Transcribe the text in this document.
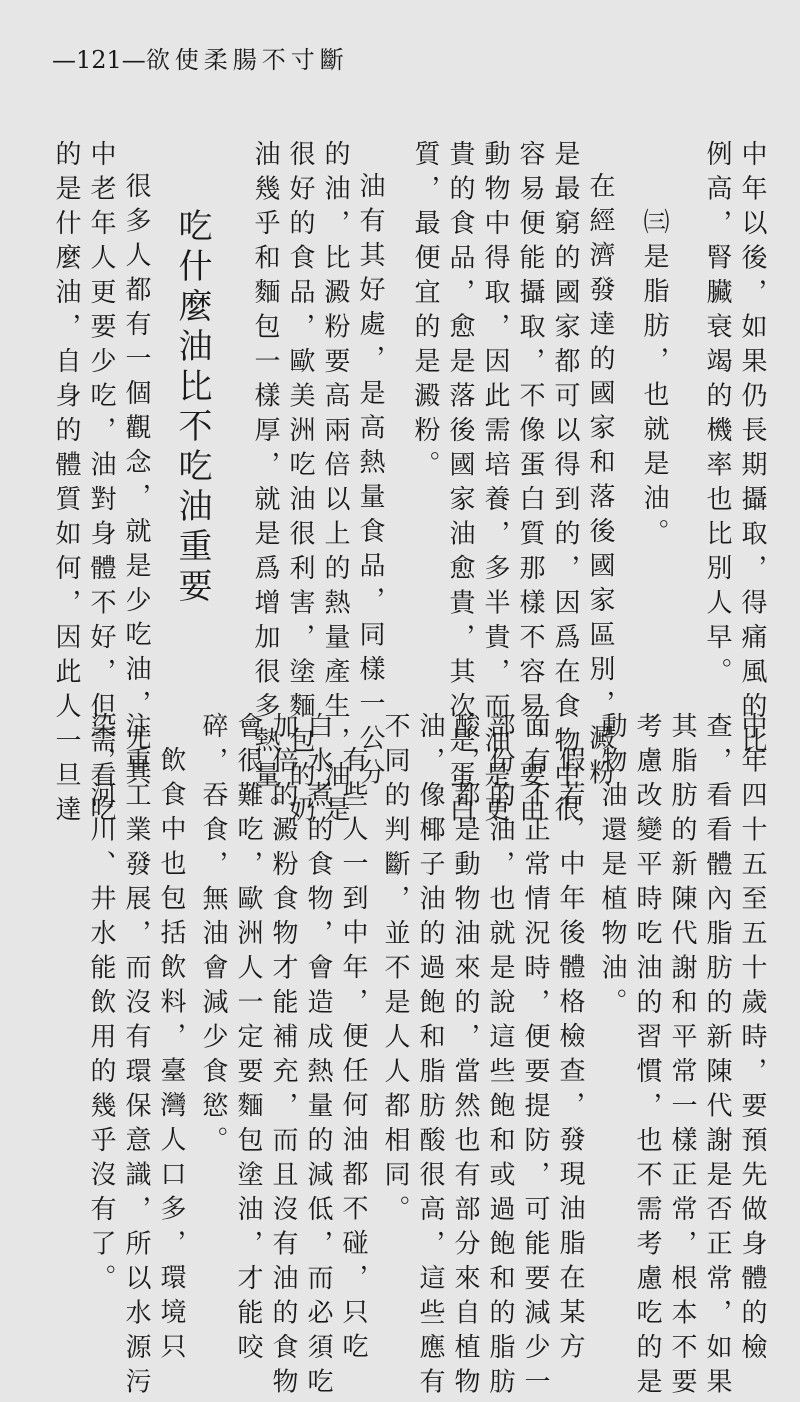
—121—欲使柔腸不寸斷
吃什麼油比不吃油重要	中年以後，如果仍長期攝取，得痛風的比
例高，腎臟衰竭的機率也比別人早。
㈢是脂肪，也就是油。
在經濟發達的國家和落後國家區別，澱粉
是最窮的國家都可以得到的，因爲在食物中很
容易便能攝取，不像蛋白質那樣不容易，要由
動物中得取，因此需培養，多半貴，而油是更
貴的食品，愈是落後國家油愈貴，其次是蛋白
質，最便宜的是澱粉。
油有其好處，是高熱量食品，同樣一公分
的油，比澱粉要高兩倍以上的熱量產生，油是
很好的食品，歐美洲吃油很利害，塗麵包的奶
油幾乎和麵包一樣厚，就是爲增加很多熱量。
很多人都有一個觀念，就是少吃油，尤其
中老年人更要少吃，油對身體不好，但需看吃
的是什麼油，自身的體質如何，因此人一旦達
中年四十五至五十歲時，要預先做身體的檢
查，看看體內脂肪的新陳代謝是否正常，如果
其脂肪的新陳代謝和平常一樣正常，根本不要
考慮改變平時吃油的習慣，也不需考慮吃的是
動物油還是植物油。
假若，中年後體格檢查，發現油脂在某方
面有不正常情況時，便要提防，可能要減少一
部份的油，也就是說這些飽和或過飽和的脂肪
酸，都是動物油來的，當然也有部分來自植物
油，像椰子油的過飽和脂肪酸很高，這些應有
不同的判斷，並不是人人都相同。
有些人一到中年，便任何油都不碰，只吃
白水煮的食物，會造成熱量的減低，而必須吃
加倍的澱粉食物才能補充，而且沒有油的食物
會很難吃，歐洲人一定要麵包塗油，才能咬
碎，吞食，無油會減少食慾。
飲食中也包括飲料，臺灣人口多，環境只
注重工業發展，而沒有環保意識，所以水源污
染，河川、井水能飲用的幾乎沒有了。
